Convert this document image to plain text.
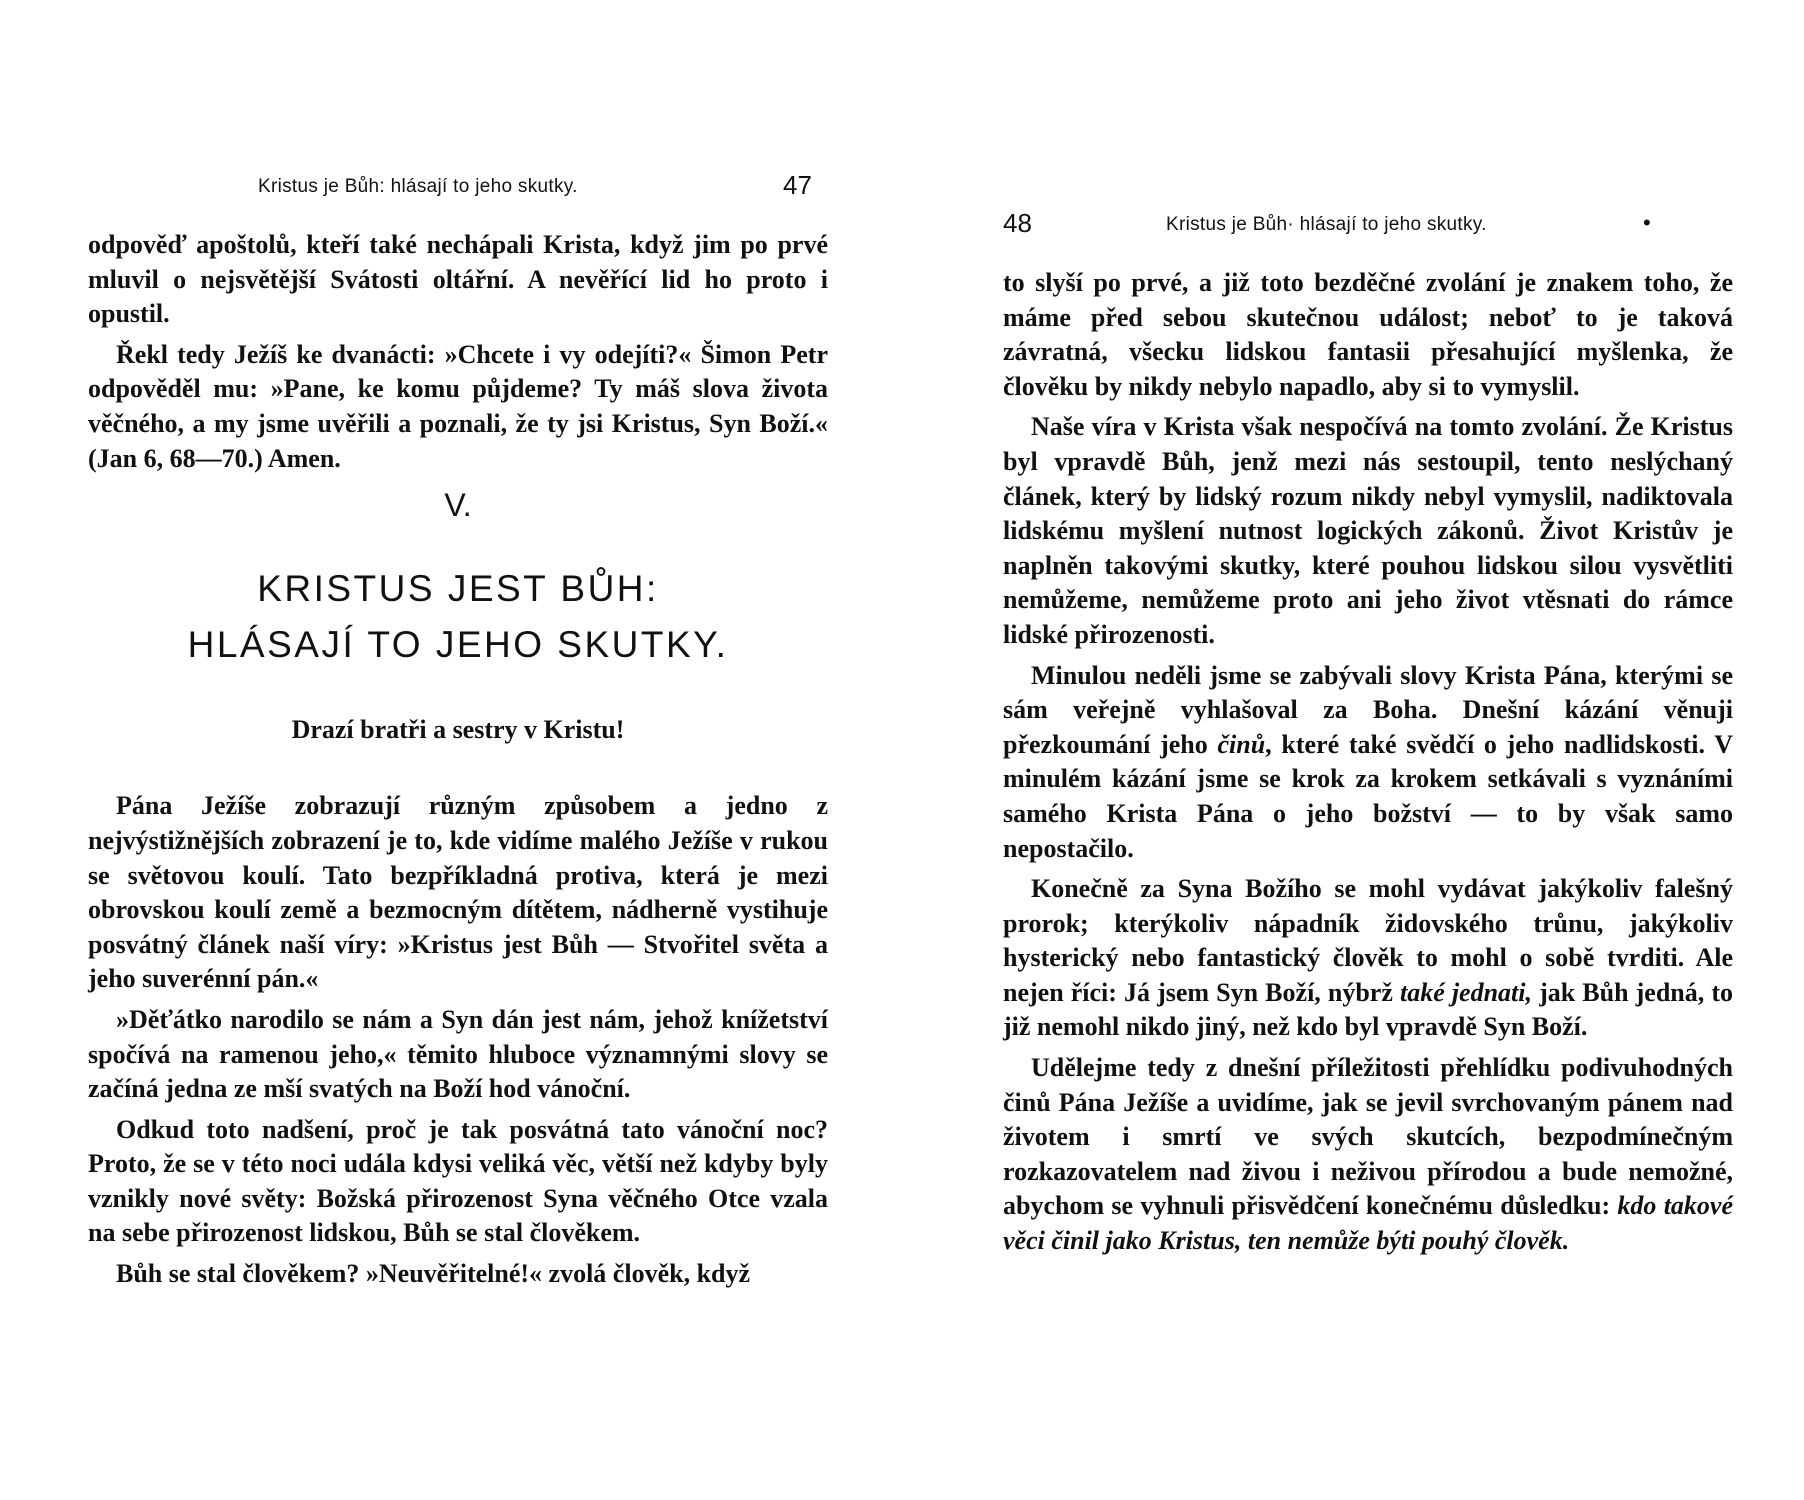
Kristus je Bůh: hlásají to jeho skutky.	47

odpověď apoštolů, kteří také nechápali Krista, když jim po prvé mluvil o nejsvětější Svátosti oltářní. A nevěřící lid ho proto i opustil.

Řekl tedy Ježíš ke dvanácti: »Chcete i vy odejíti?« Šimon Petr odpověděl mu: »Pane, ke komu půjdeme? Ty máš slova života věčného, a my jsme uvěřili a poznali, že ty jsi Kristus, Syn Boží.« (Jan 6, 68—70.) Amen.

V.
KRISTUS JEST BŮH:
HLÁSAJÍ TO JEHO SKUTKY.
Drazí bratři a sestry v Kristu!

Pána Ježíše zobrazují různým způsobem a jedno z nejvýstižnějších zobrazení je to, kde vidíme malého Ježíše v rukou se světovou koulí. Tato bezpříkladná protiva, která je mezi obrovskou koulí země a bezmocným dítětem, nádherně vystihuje posvátný článek naší víry: »Kristus jest Bůh — Stvořitel světa a jeho suverénní pán.«

»Děťátko narodilo se nám a Syn dán jest nám, jehož knížetství spočívá na ramenou jeho,« těmito hluboce významnými slovy se začíná jedna ze mší svatých na Boží hod vánoční.

Odkud toto nadšení, proč je tak posvátná tato vánoční noc? Proto, že se v této noci udála kdysi veliká věc, větší než kdyby byly vznikly nové světy: Božská přirozenost Syna věčného Otce vzala na sebe přirozenost lidskou, Bůh se stal člověkem.

Bůh se stal člověkem? »Neuvěřitelné!« zvolá člověk, když

48	Kristus je Bůh· hlásají to jeho skutky.	•

to slyší po prvé, a již toto bezděčné zvolání je znakem toho, že máme před sebou skutečnou událost; neboť to je taková závratná, všecku lidskou fantasii přesahující myšlenka, že člověku by nikdy nebylo napadlo, aby si to vymyslil.

Naše víra v Krista však nespočívá na tomto zvolání. Že Kristus byl vpravdě Bůh, jenž mezi nás sestoupil, tento neslýchaný článek, který by lidský rozum nikdy nebyl vymyslil, nadiktovala lidskému myšlení nutnost logických zákonů. Život Kristův je naplněn takovými skutky, které pouhou lidskou silou vysvětliti nemůžeme, nemůžeme proto ani jeho život vtěsnati do rámce lidské přirozenosti.

Minulou neděli jsme se zabývali slovy Krista Pána, kterými se sám veřejně vyhlašoval za Boha. Dnešní kázání věnuji přezkoumání jeho činů, které také svědčí o jeho nadlidskosti. V minulém kázání jsme se krok za krokem setkávali s vyznáními samého Krista Pána o jeho božství — to by však samo nepostačilo.

Konečně za Syna Božího se mohl vydávat jakýkoliv falešný prorok; kterýkoliv nápadník židovského trůnu, jakýkoliv hysterický nebo fantastický člověk to mohl o sobě tvrditi. Ale nejen říci: Já jsem Syn Boží, nýbrž také jednati, jak Bůh jedná, to již nemohl nikdo jiný, než kdo byl vpravdě Syn Boží.

Udělejme tedy z dnešní příležitosti přehlídku podivuhodných činů Pána Ježíše a uvidíme, jak se jevil svrchovaným pánem nad životem i smrtí ve svých skutcích, bezpodmínečným rozkazovatelem nad živou i neživou přírodou a bude nemožné, abychom se vyhnuli přisvědčení konečnému důsledku: kdo takové věci činil jako Kristus, ten nemůže býti pouhý člověk.
